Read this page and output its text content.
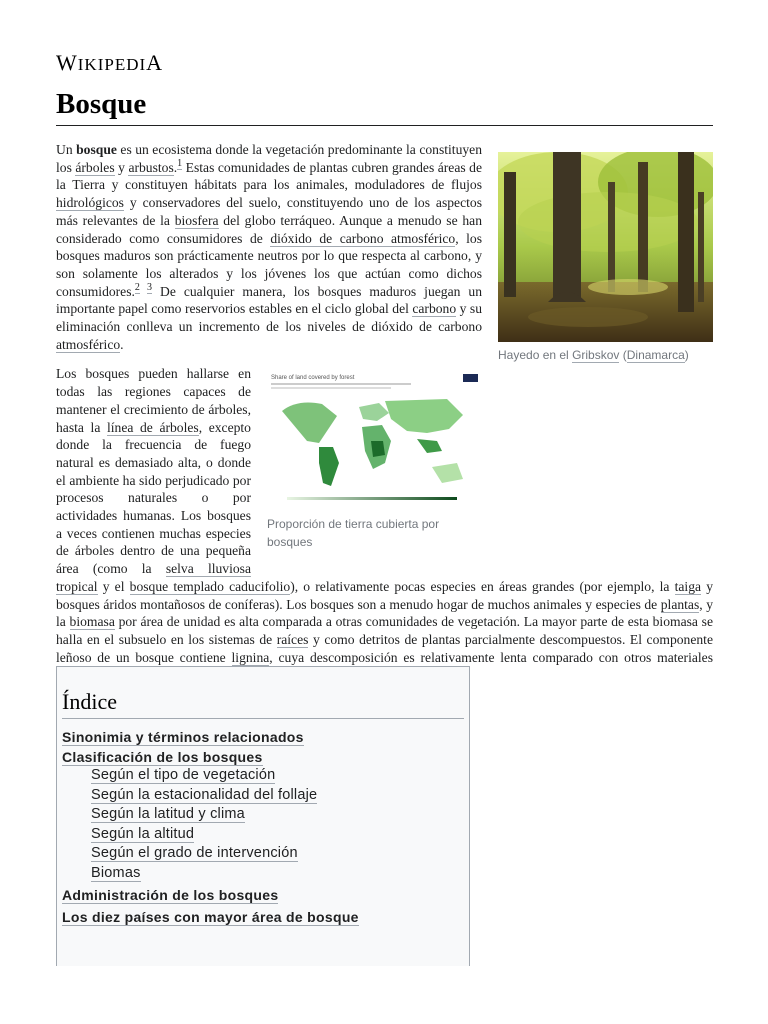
WIKIPEDIA
Bosque
Hayedo en el Gribskov (Dinamarca)

Un bosque es un ecosistema donde la vegetación predominante la constituyen los árboles y arbustos.$^1$ Estas comunidades de plantas cubren grandes áreas de la Tierra y constituyen hábitats para los animales, moduladores de flujos hidrológicos y conservadores del suelo, constituyendo uno de los aspectos más relevantes de la biosfera del globo terráqueo. Aunque a menudo se han considerado como consumidores de dióxido de carbono atmosférico, los bosques maduros son prácticamente neutros por lo que respecta al carbono, y son solamente los alterados y los jóvenes los que actúan como dichos consumidores.$^{2 3}$ De cualquier manera, los bosques maduros juegan un importante papel como reservorios estables en el ciclo global del carbono y su eliminación conlleva un incremento de los niveles de dióxido de carbono atmosférico.

Share of land covered by forest
Proporción de tierra cubierta por bosques

Los bosques pueden hallarse en todas las regiones capaces de mantener el crecimiento de árboles, hasta la línea de árboles, excepto donde la frecuencia de fuego natural es demasiado alta, o donde el ambiente ha sido perjudicado por procesos naturales o por actividades humanas. Los bosques a veces contienen muchas especies de árboles dentro de una pequeña área (como la selva lluviosa tropical y el bosque templado caducifolio), o relativamente pocas especies en áreas grandes (por ejemplo, la taiga y bosques áridos montañosos de coníferas). Los bosques son a menudo hogar de muchos animales y especies de plantas, y la biomasa por área de unidad es alta comparada a otras comunidades de vegetación. La mayor parte de esta biomasa se halla en el subsuelo en los sistemas de raíces y como detritos de plantas parcialmente descompuestos. El componente leñoso de un bosque contiene lignina, cuya descomposición es relativamente lenta comparado con otros materiales

Índice
Sinonimia y términos relacionados
Clasificación de los bosques
Según el tipo de vegetación
Según la estacionalidad del follaje
Según la latitud y clima
Según la altitud
Según el grado de intervención
Biomas
Administración de los bosques
Los diez países con mayor área de bosque
